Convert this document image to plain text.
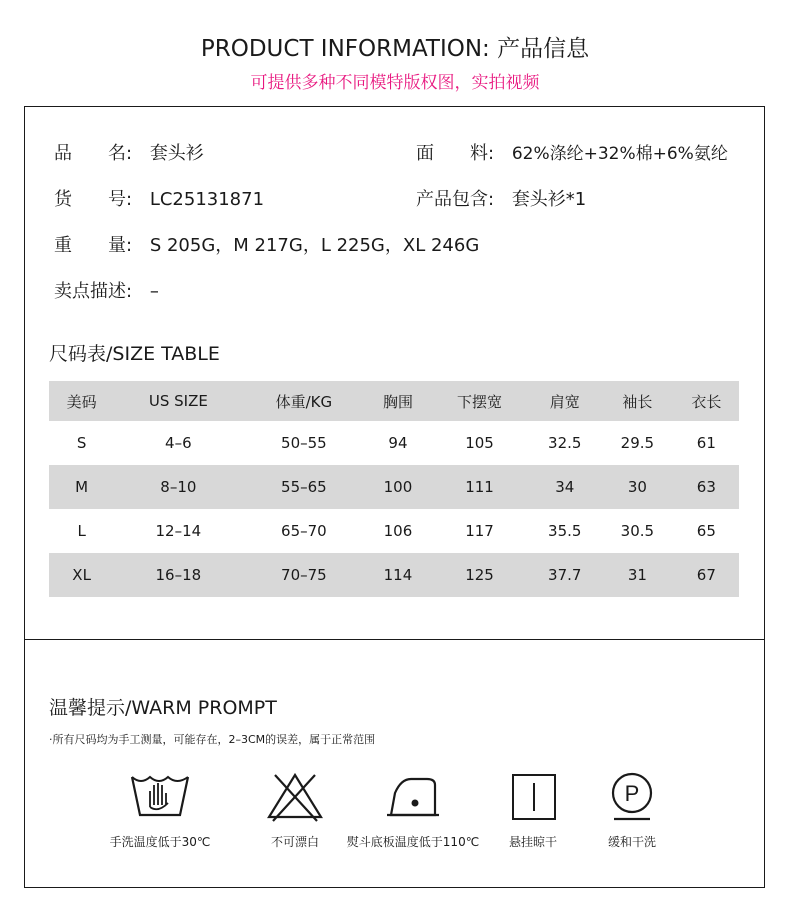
PRODUCT INFORMATION: 产品信息
可提供多种不同模特版权图，实拍视频
品　　名: 套头衫	面　　料: 62%涤纶+32%棉+6%氨纶
货　　号: LC25131871	产品包含: 套头衫*1
重　　量: S 205G，M 217G，L 225G，XL 246G
卖点描述: –
尺码表/SIZE TABLE
美码	US SIZE	体重/KG	胸围	下摆宽	肩宽	袖长	衣长
S	4–6	50–55	94	105	32.5	29.5	61
M	8–10	55–65	100	111	34	30	63
L	12–14	65–70	106	117	35.5	30.5	65
XL	16–18	70–75	114	125	37.7	31	67
温馨提示/WARM PROMPT
·所有尺码均为手工测量，可能存在，2–3CM的误差，属于正常范围
手洗温度低于30℃	不可漂白	熨斗底板温度低于110℃	悬挂晾干
P
缓和干洗
